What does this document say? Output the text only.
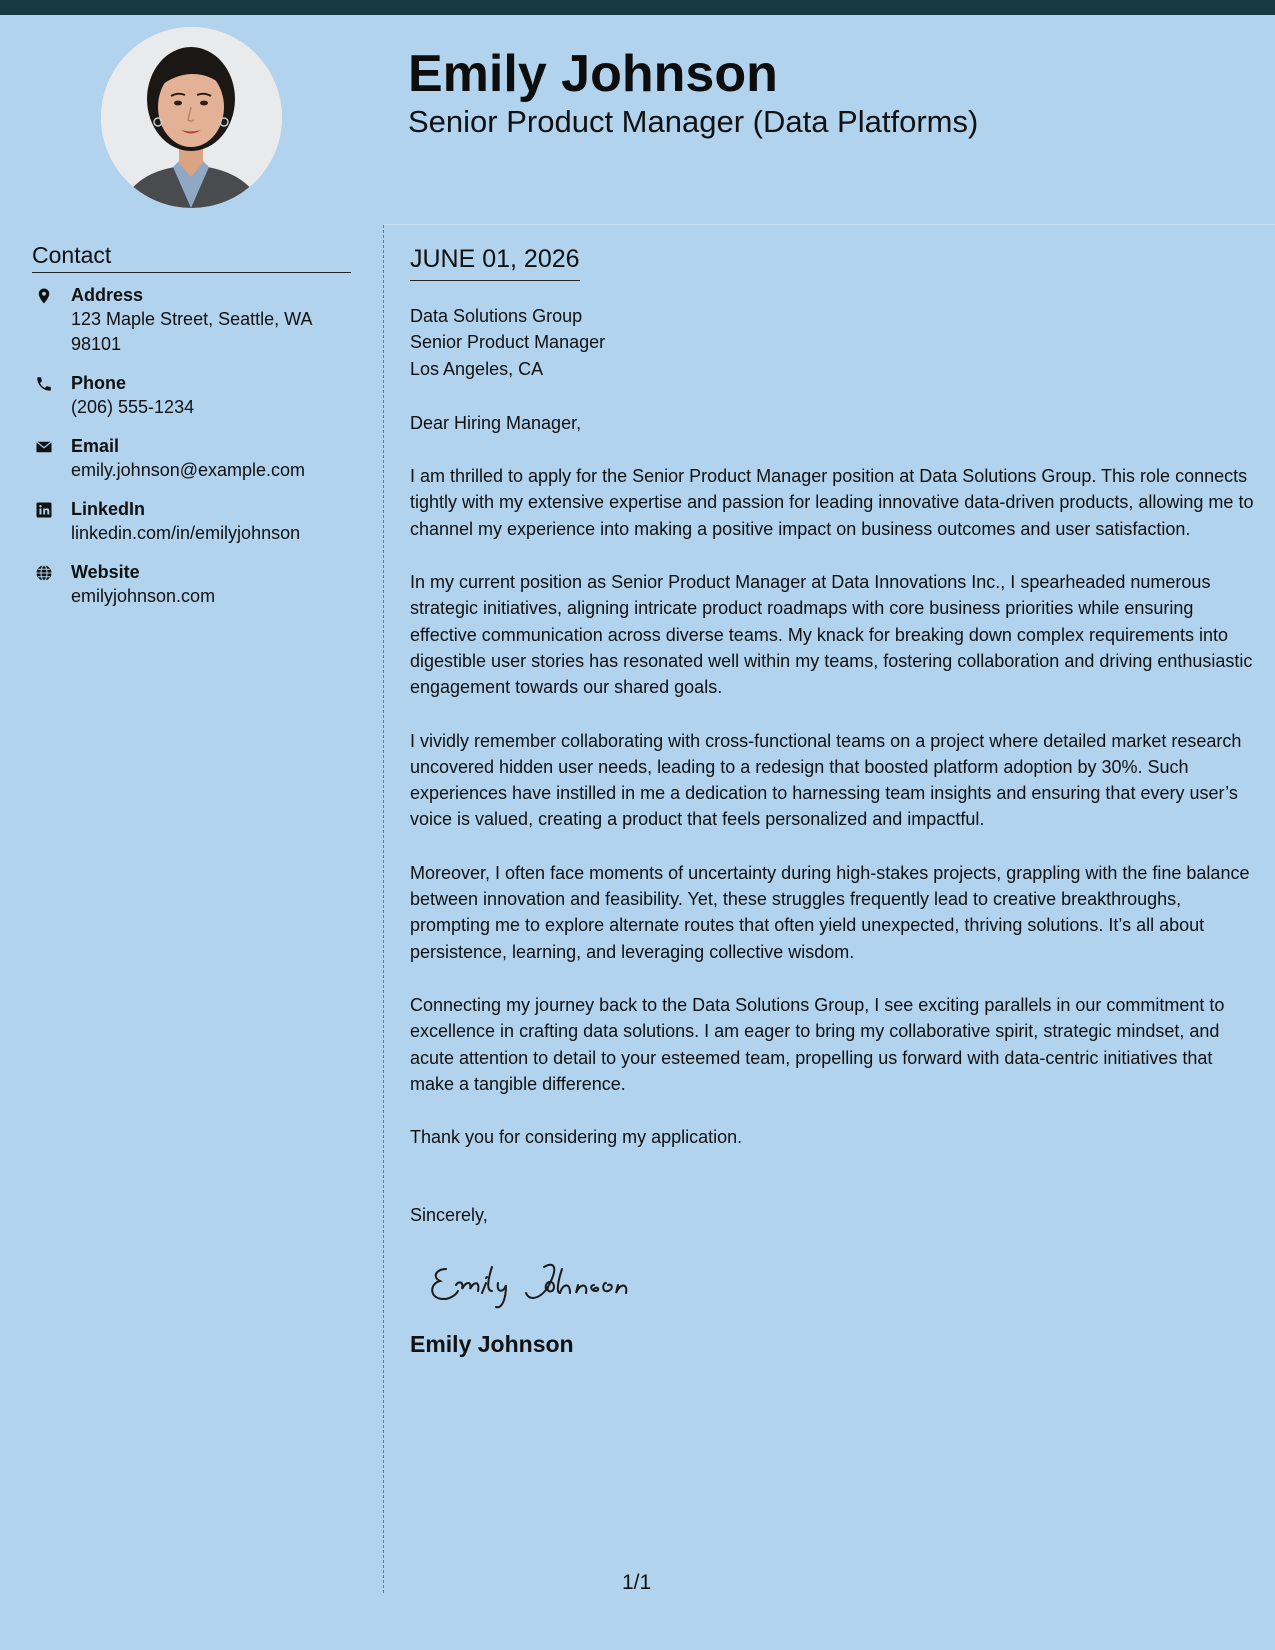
Emily Johnson
Senior Product Manager (Data Platforms)
Contact
Address
123 Maple Street, Seattle, WA 98101
Phone
(206) 555-1234
Email
emily.johnson@example.com
LinkedIn
linkedin.com/in/emilyjohnson
Website
emilyjohnson.com
JUNE 01, 2026
Data Solutions Group
Senior Product Manager
Los Angeles, CA

Dear Hiring Manager,

I am thrilled to apply for the Senior Product Manager position at Data Solutions Group. This role connects tightly with my extensive expertise and passion for leading innovative data-driven products, allowing me to channel my experience into making a positive impact on business outcomes and user satisfaction.

In my current position as Senior Product Manager at Data Innovations Inc., I spearheaded numerous strategic initiatives, aligning intricate product roadmaps with core business priorities while ensuring effective communication across diverse teams. My knack for breaking down complex requirements into digestible user stories has resonated well within my teams, fostering collaboration and driving enthusiastic engagement towards our shared goals.

I vividly remember collaborating with cross-functional teams on a project where detailed market research uncovered hidden user needs, leading to a redesign that boosted platform adoption by 30%. Such experiences have instilled in me a dedication to harnessing team insights and ensuring that every user’s voice is valued, creating a product that feels personalized and impactful.

Moreover, I often face moments of uncertainty during high-stakes projects, grappling with the fine balance between innovation and feasibility. Yet, these struggles frequently lead to creative breakthroughs, prompting me to explore alternate routes that often yield unexpected, thriving solutions. It’s all about persistence, learning, and leveraging collective wisdom.

Connecting my journey back to the Data Solutions Group, I see exciting parallels in our commitment to excellence in crafting data solutions. I am eager to bring my collaborative spirit, strategic mindset, and acute attention to detail to your esteemed team, propelling us forward with data-centric initiatives that make a tangible difference.

Thank you for considering my application.

Sincerely,

Emily Johnson
1/1
